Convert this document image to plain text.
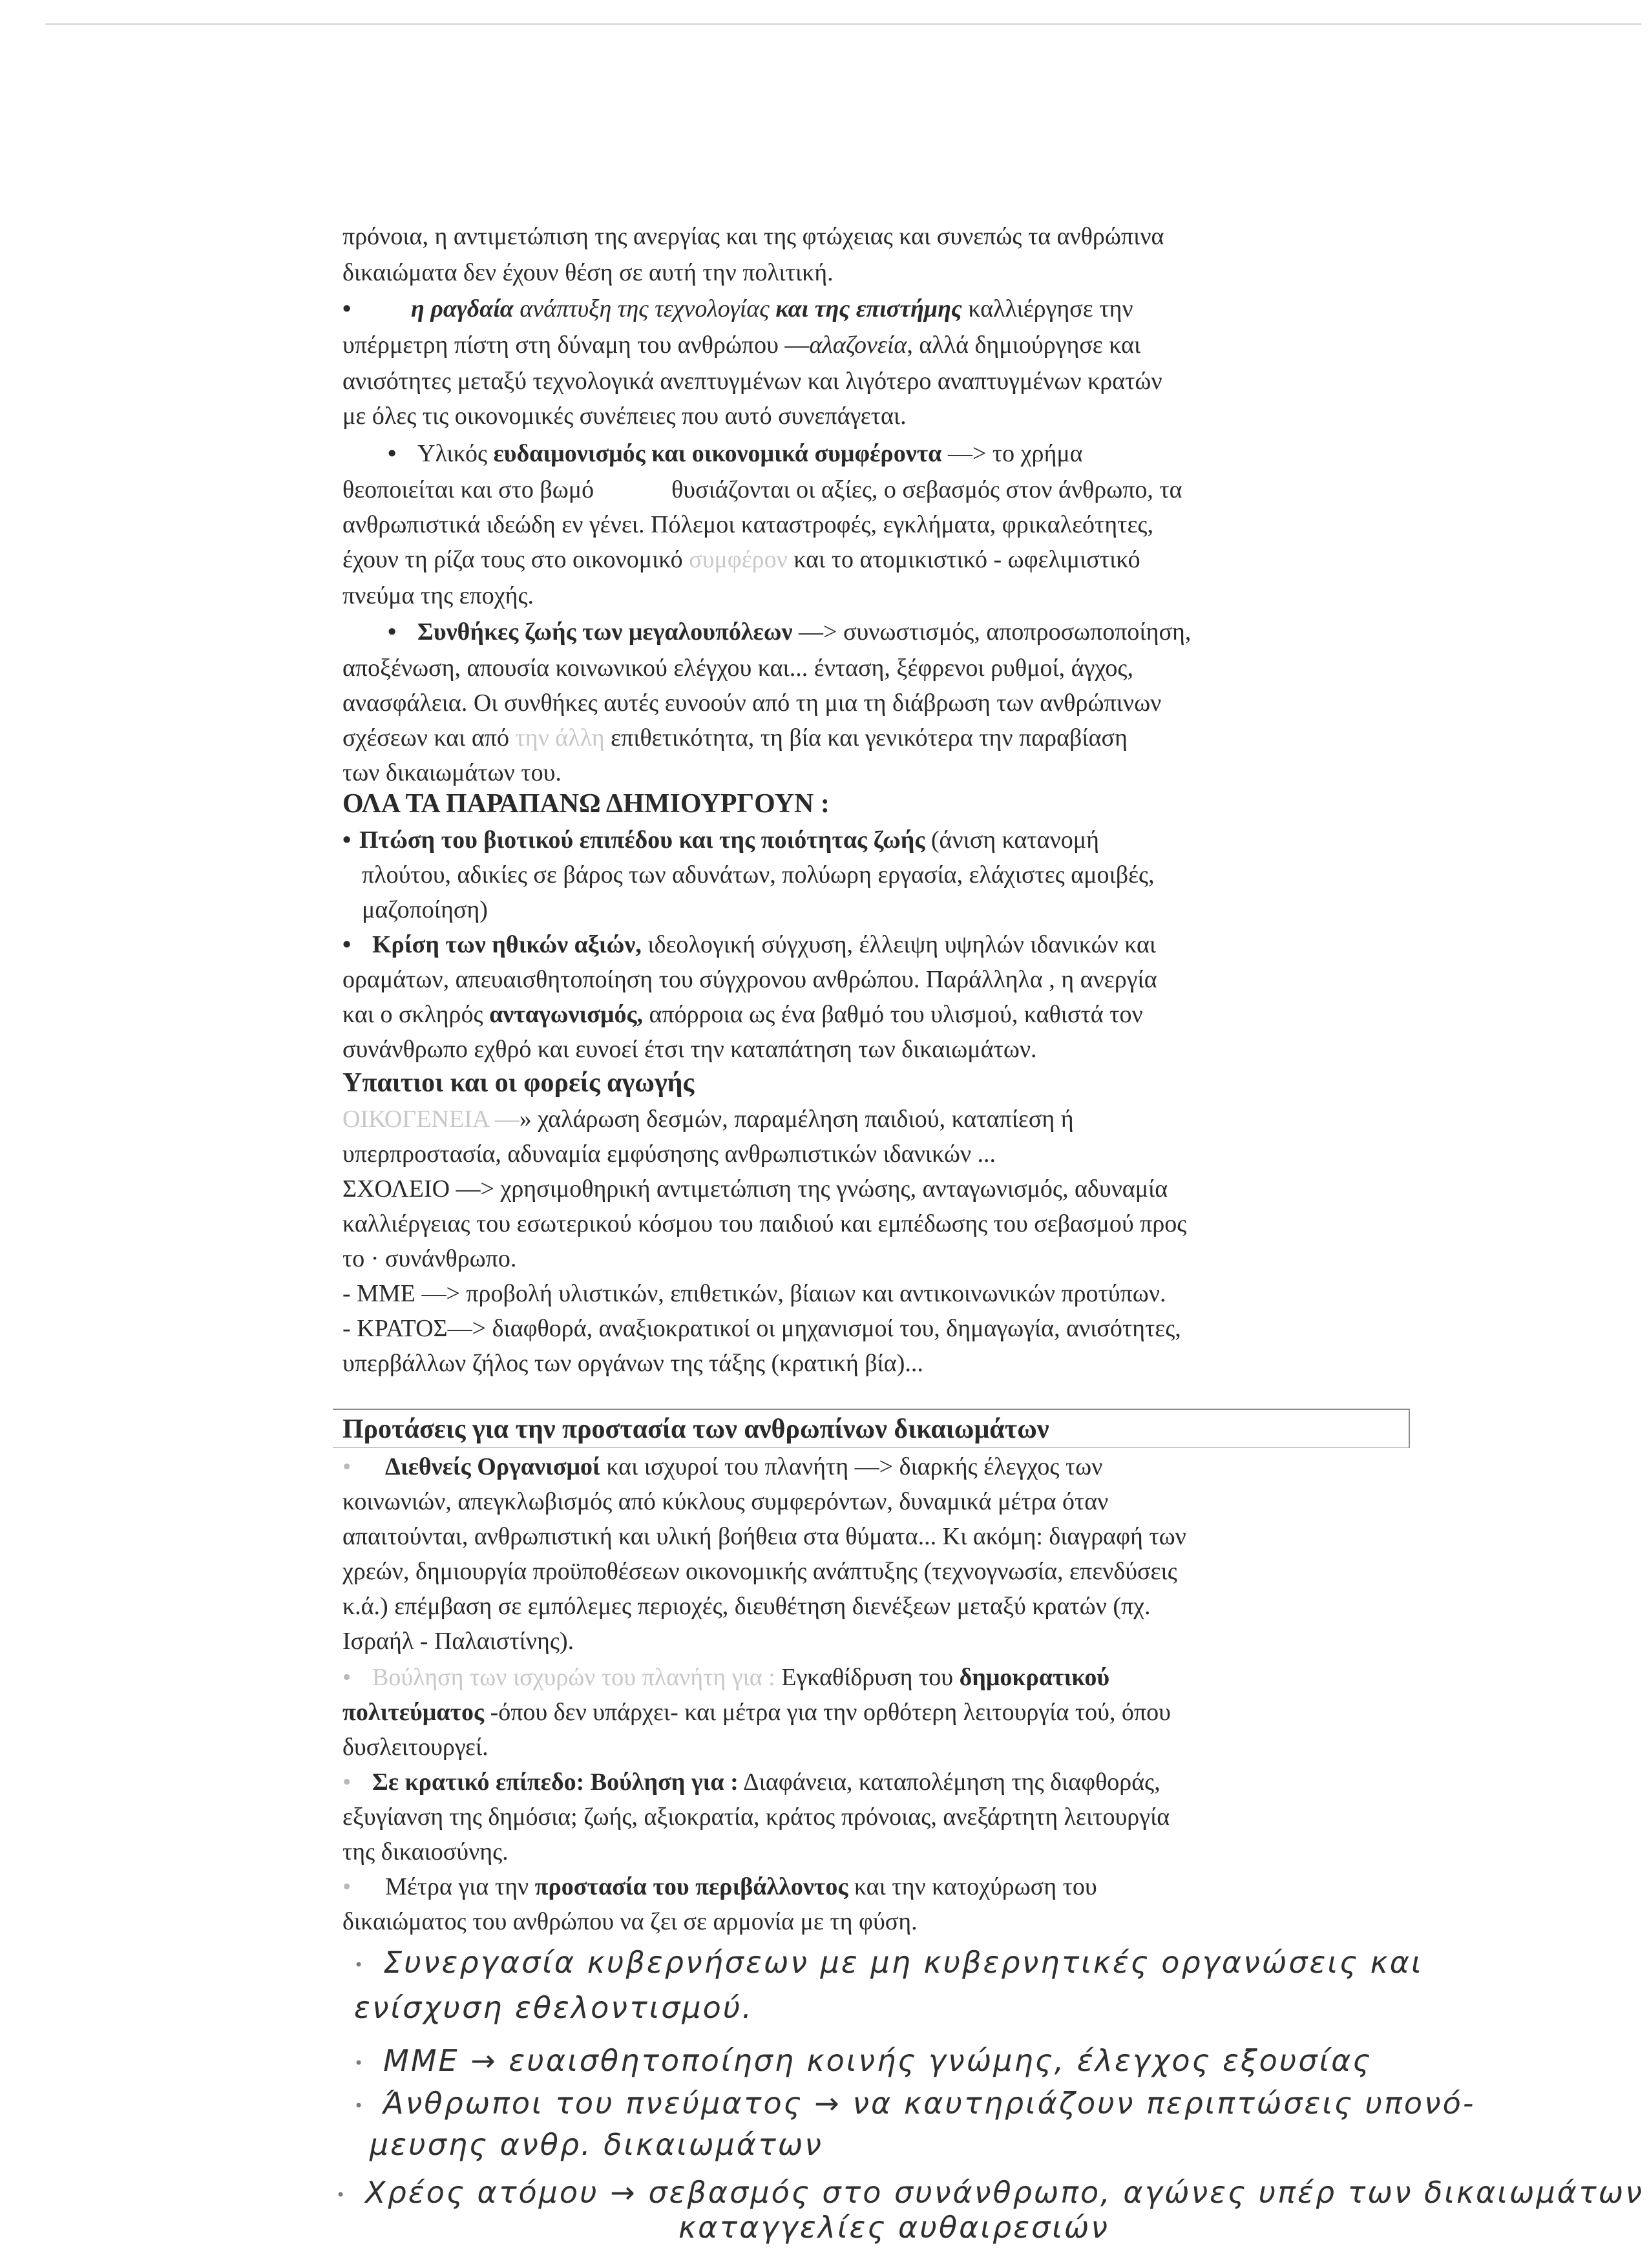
πρόνοια, η αντιμετώπιση της ανεργίας και της φτώχειας και συνεπώς τα ανθρώπινα
δικαιώματα δεν έχουν θέση σε αυτή την πολιτική.
• η ραγδαία ανάπτυξη της τεχνολογίας και της επιστήμης καλλιέργησε την
υπέρμετρη πίστη στη δύναμη του ανθρώπου —αλαζονεία, αλλά δημιούργησε και
ανισότητες μεταξύ τεχνολογικά ανεπτυγμένων και λιγότερο αναπτυγμένων κρατών
με όλες τις οικονομικές συνέπειες που αυτό συνεπάγεται.
• Υλικός ευδαιμονισμός και οικονομικά συμφέροντα —> το χρήμα
θεοποιείται και στο βωμό	θυσιάζονται οι αξίες, ο σεβασμός στον άνθρωπο, τα
ανθρωπιστικά ιδεώδη εν γένει. Πόλεμοι καταστροφές, εγκλήματα, φρικαλεότητες,
έχουν τη ρίζα τους στο οικονομικό συμφέρον και το ατομικιστικό - ωφελιμιστικό
πνεύμα της εποχής.
• Συνθήκες ζωής των μεγαλουπόλεων —> συνωστισμός, αποπροσωποποίηση,
αποξένωση, απουσία κοινωνικού ελέγχου και... ένταση, ξέφρενοι ρυθμοί, άγχος,
ανασφάλεια. Οι συνθήκες αυτές ευνοούν από τη μια τη διάβρωση των ανθρώπινων
σχέσεων και από την άλλη επιθετικότητα, τη βία και γενικότερα την παραβίαση
των δικαιωμάτων του.
ΟΛΑ ΤΑ ΠΑΡΑΠΑΝΩ ΔΗΜΙΟΥΡΓΟΥΝ :
• Πτώση του βιοτικού επιπέδου και της ποιότητας ζωής (άνιση κατανομή
πλούτου, αδικίες σε βάρος των αδυνάτων, πολύωρη εργασία, ελάχιστες αμοιβές,
μαζοποίηση)
• Κρίση των ηθικών αξιών, ιδεολογική σύγχυση, έλλειψη υψηλών ιδανικών και
οραμάτων, απευαισθητοποίηση του σύγχρονου ανθρώπου. Παράλληλα , η ανεργία
και ο σκληρός ανταγωνισμός, απόρροια ως ένα βαθμό του υλισμού, καθιστά τον
συνάνθρωπο εχθρό και ευνοεί έτσι την καταπάτηση των δικαιωμάτων.
Υπαιτιοι και οι φορείς αγωγής
ΟΙΚΟΓΕΝΕΙΑ —» χαλάρωση δεσμών, παραμέληση παιδιού, καταπίεση ή
υπερπροστασία, αδυναμία εμφύσησης ανθρωπιστικών ιδανικών ...
ΣΧΟΛΕΙΟ —> χρησιμοθηρική αντιμετώπιση της γνώσης, ανταγωνισμός, αδυναμία
καλλιέργειας του εσωτερικού κόσμου του παιδιού και εμπέδωσης του σεβασμού προς
το · συνάνθρωπο.
- ΜΜΕ —> προβολή υλιστικών, επιθετικών, βίαιων και αντικοινωνικών προτύπων.
- ΚΡΑΤΟΣ—> διαφθορά, αναξιοκρατικοί οι μηχανισμοί του, δημαγωγία, ανισότητες,
υπερβάλλων ζήλος των οργάνων της τάξης (κρατική βία)...
Προτάσεις για την προστασία των ανθρωπίνων δικαιωμάτων
• Διεθνείς Οργανισμοί και ισχυροί του πλανήτη —> διαρκής έλεγχος των
κοινωνιών, απεγκλωβισμός από κύκλους συμφερόντων, δυναμικά μέτρα όταν
απαιτούνται, ανθρωπιστική και υλική βοήθεια στα θύματα... Κι ακόμη: διαγραφή των
χρεών, δημιουργία προϋποθέσεων οικονομικής ανάπτυξης (τεχνογνωσία, επενδύσεις
κ.ά.) επέμβαση σε εμπόλεμες περιοχές, διευθέτηση διενέξεων μεταξύ κρατών (πχ.
Ισραήλ - Παλαιστίνης).
• Βούληση των ισχυρών του πλανήτη για : Εγκαθίδρυση του δημοκρατικού
πολιτεύματος -όπου δεν υπάρχει- και μέτρα για την ορθότερη λειτουργία τού, όπου
δυσλειτουργεί.
• Σε κρατικό επίπεδο: Βούληση για : Διαφάνεια, καταπολέμηση της διαφθοράς,
εξυγίανση της δημόσια; ζωής, αξιοκρατία, κράτος πρόνοιας, ανεξάρτητη λειτουργία
της δικαιοσύνης.
• Μέτρα για την προστασία του περιβάλλοντος και την κατοχύρωση του
δικαιώματος του ανθρώπου να ζει σε αρμονία με τη φύση.
• Συνεργασία κυβερνήσεων με μη κυβερνητικές οργανώσεις και
ενίσχυση εθελοντισμού.
• ΜΜΕ → ευαισθητοποίηση κοινής γνώμης, έλεγχος εξουσίας
• Άνθρωποι του πνεύματος → να καυτηριάζουν περιπτώσεις υπονό-
μευσης ανθρ. δικαιωμάτων
• Χρέος ατόμου → σεβασμός στο συνάνθρωπο, αγώνες υπέρ των δικαιωμάτων
καταγγελίες αυθαιρεσιών
